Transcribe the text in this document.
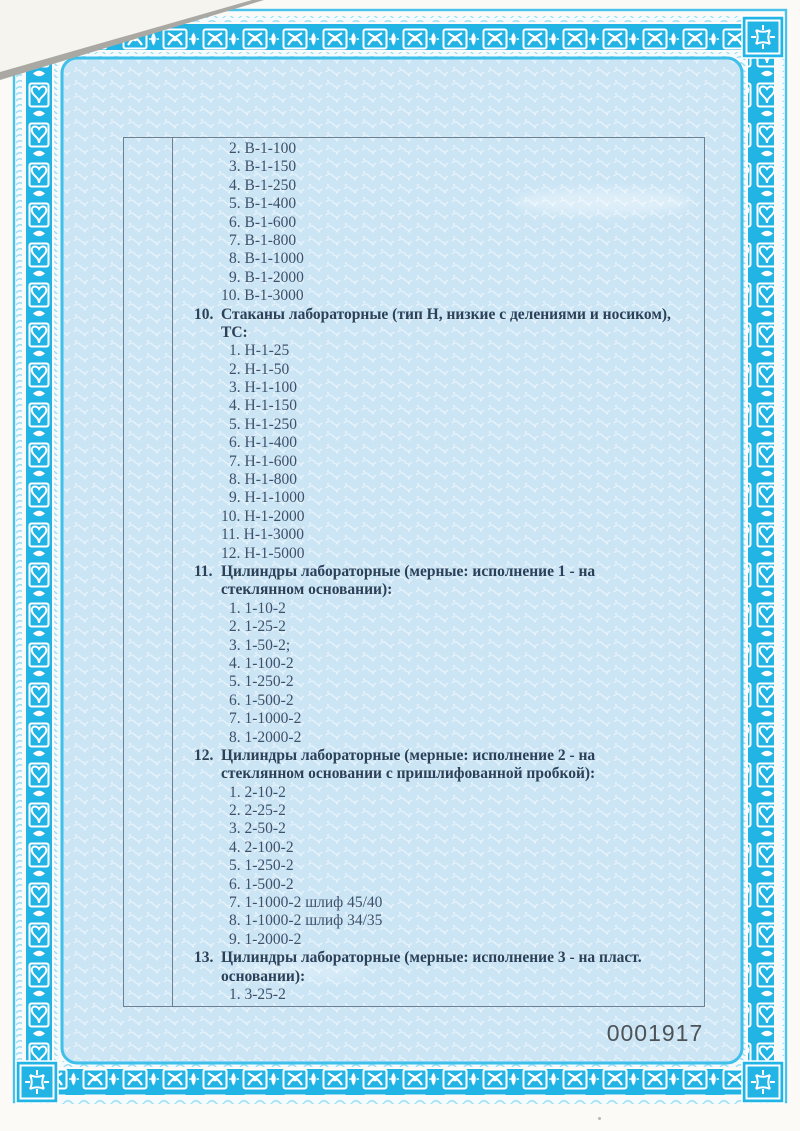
2. В-1-100
3. В-1-150
4. В-1-250
5. В-1-400
6. В-1-600
7. В-1-800
8. В-1-1000
9. В-1-2000
10. В-1-3000
10. Стаканы лабораторные (тип Н, низкие с делениями и носиком),
ТС:
1. Н-1-25
2. Н-1-50
3. Н-1-100
4. Н-1-150
5. Н-1-250
6. Н-1-400
7. Н-1-600
8. Н-1-800
9. Н-1-1000
10. Н-1-2000
11. Н-1-3000
12. Н-1-5000
11. Цилиндры лабораторные (мерные: исполнение 1 - на
стеклянном основании):
1. 1-10-2
2. 1-25-2
3. 1-50-2;
4. 1-100-2
5. 1-250-2
6. 1-500-2
7. 1-1000-2
8. 1-2000-2
12. Цилиндры лабораторные (мерные: исполнение 2 - на
стеклянном основании с пришлифованной пробкой):
1. 2-10-2
2. 2-25-2
3. 2-50-2
4. 2-100-2
5. 1-250-2
6. 1-500-2
7. 1-1000-2 шлиф 45/40
8. 1-1000-2 шлиф 34/35
9. 1-2000-2
13. Цилиндры лабораторные (мерные: исполнение 3 - на пласт.
основании):
1. 3-25-2
0001917
